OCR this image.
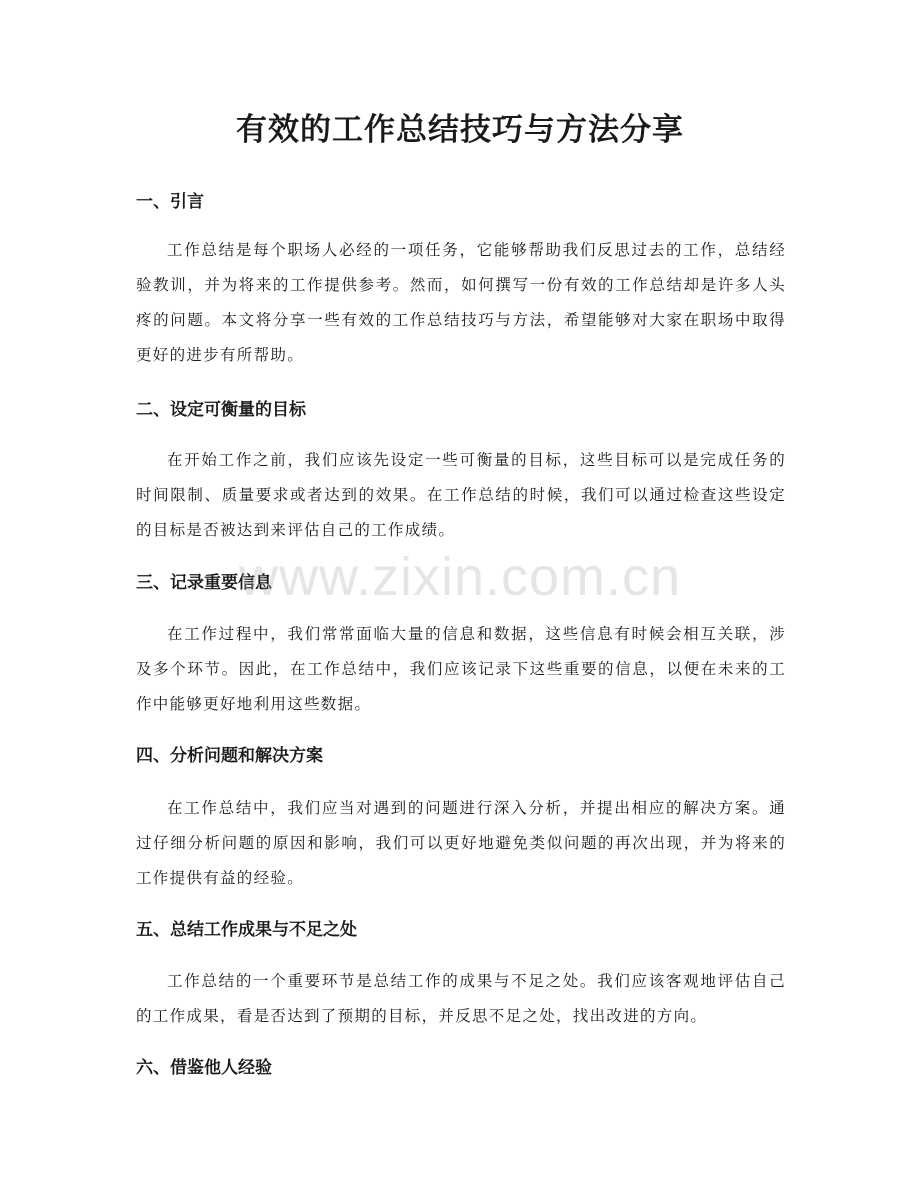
有效的工作总结技巧与方法分享
一、引言

工作总结是每个职场人必经的一项任务，它能够帮助我们反思过去的工作，总结经验教训，并为将来的工作提供参考。然而，如何撰写一份有效的工作总结却是许多人头疼的问题。本文将分享一些有效的工作总结技巧与方法，希望能够对大家在职场中取得更好的进步有所帮助。

二、设定可衡量的目标

在开始工作之前，我们应该先设定一些可衡量的目标，这些目标可以是完成任务的时间限制、质量要求或者达到的效果。在工作总结的时候，我们可以通过检查这些设定的目标是否被达到来评估自己的工作成绩。

三、记录重要信息

在工作过程中，我们常常面临大量的信息和数据，这些信息有时候会相互关联，涉及多个环节。因此，在工作总结中，我们应该记录下这些重要的信息，以便在未来的工作中能够更好地利用这些数据。

四、分析问题和解决方案

在工作总结中，我们应当对遇到的问题进行深入分析，并提出相应的解决方案。通过仔细分析问题的原因和影响，我们可以更好地避免类似问题的再次出现，并为将来的工作提供有益的经验。

五、总结工作成果与不足之处

工作总结的一个重要环节是总结工作的成果与不足之处。我们应该客观地评估自己的工作成果，看是否达到了预期的目标，并反思不足之处，找出改进的方向。

六、借鉴他人经验
www.zixin.com.cn
